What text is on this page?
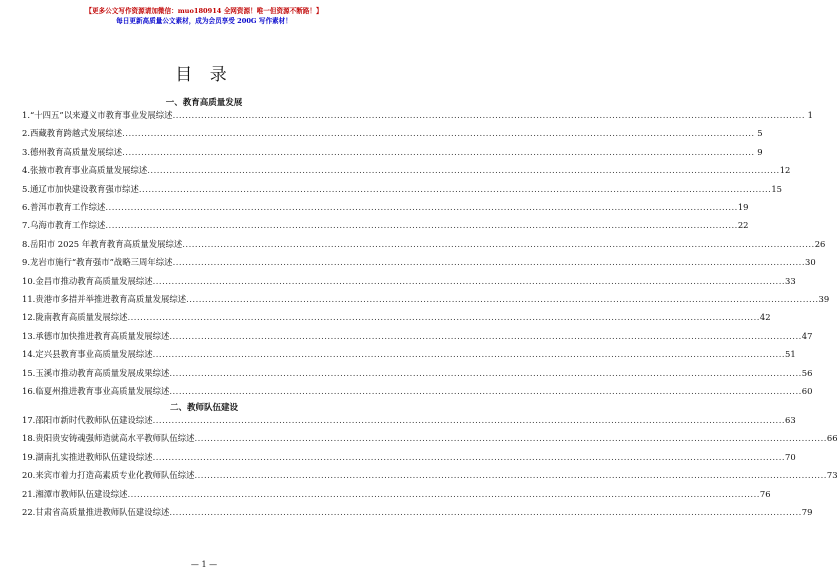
【更多公文写作资源请加微信：muo180914 全网资源！唯一但资源不断路！】
每日更新高质量公文素材，成为会员享受 200G 写作素材！
目 录
一、教育高质量发展
1. “十四五”以来遵义市教育事业发展综述 ........................................................................................................................................................................................................ 1
2. 西藏教育跨越式发展综述 ........................................................................................................................................................................................................ 5
3. 德州教育高质量发展综述 ........................................................................................................................................................................................................ 9
4. 张掖市教育事业高质量发展综述 ........................................................................................................................................................................................................ 12
5. 通辽市加快建设教育强市综述 ........................................................................................................................................................................................................ 15
6. 普洱市教育工作综述 ........................................................................................................................................................................................................ 19
7. 乌海市教育工作综述 ........................................................................................................................................................................................................ 22
8. 岳阳市 2025 年教育教育高质量发展综述 ........................................................................................................................................................................................................ 26
9. 龙岩市施行“教育强市”战略三周年综述 ........................................................................................................................................................................................................ 30
10. 金昌市推动教育高质量发展综述 ........................................................................................................................................................................................................ 33
11. 贵港市多措并举推进教育高质量发展综述 ........................................................................................................................................................................................................ 39
12. 陇南教育高质量发展综述 ........................................................................................................................................................................................................ 42
13. 承德市加快推进教育高质量发展综述 ........................................................................................................................................................................................................ 47
14. 定兴县教育事业高质量发展综述 ........................................................................................................................................................................................................ 51
15. 玉溪市推动教育高质量发展成果综述 ........................................................................................................................................................................................................ 56
16. 临夏州推进教育事业高质量发展综述 ........................................................................................................................................................................................................ 60
二、教师队伍建设
17. 邵阳市新时代教师队伍建设综述 ........................................................................................................................................................................................................ 63
18. 贵阳贵安铸魂强师造就高水平教师队伍综述 ........................................................................................................................................................................................................ 66
19. 湖南扎实推进教师队伍建设综述 ........................................................................................................................................................................................................ 70
20. 来宾市着力打造高素质专业化教师队伍综述 ........................................................................................................................................................................................................ 73
21. 湘潭市教师队伍建设综述 ........................................................................................................................................................................................................ 76
22. 甘肃省高质量推进教师队伍建设综述 ........................................................................................................................................................................................................ 79
— 1 —
